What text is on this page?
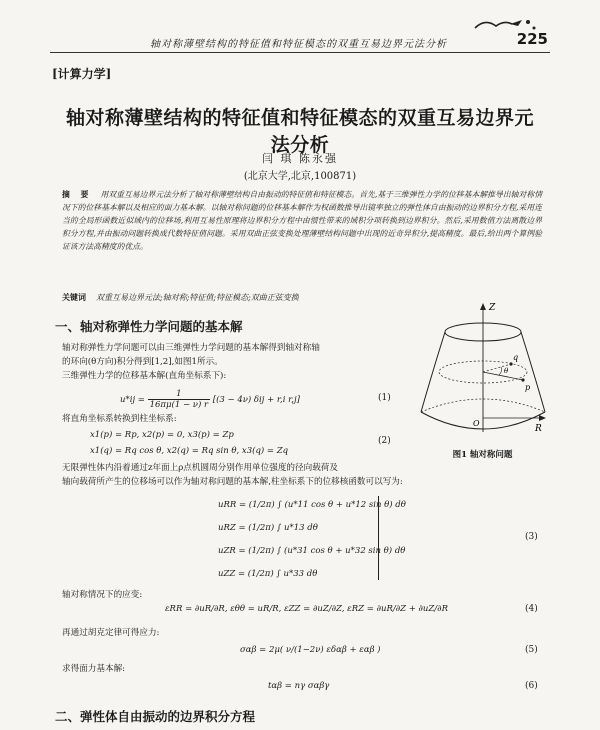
轴对称薄壁结构的特征值和特征模态的双重互易边界元法分析	225
[计算力学]
轴对称薄壁结构的特征值和特征模态的双重互易边界元法分析
闫 琪 陈永强
(北京大学,北京,100871)
摘 要 用双重互易边界元法分析了轴对称薄壁结构自由振动的特征值和特征模态。首先,基于三维弹性力学的位移基本解推导出轴对称情况下的位移基本解以及相应的面力基本解。以轴对称问题的位移基本解作为权函数推导出镜率独立的弹性体自由振动的边界积分方程,采用连当的全局形函数近似域内的位移场,利用互易性原理将边界积分方程中由惯性带来的域积分项转换到边界积分。然后,采用数值方法离散边界积分方程,并由振动问题转换成代数特征值问题。采用双曲正弦变换处理薄壁结构问题中出现的近奇异积分,提高精度。最后,给出两个算例验证该方法高精度的优点。
关键词 双重互易边界元法;轴对称;特征值;特征模态;双曲正弦变换
一、轴对称弹性力学问题的基本解
轴对称弹性力学问题可以由三维弹性力学问题的基本解得到轴对称轴
的环向(θ方向)积分得到[1,2],如图1所示。
三维弹性力学的位移基本解(直角坐标系下):
$u*ij = \frac{1}{16\pi\mu(1 - \nu) r} [(3 - 4\nu) \delta ij + r,i$ r,j]	(1)
将直角坐标系转换到柱坐标系:
x1(p) = Rp, x2(p) = 0, x3(p) = Zp
x1(q) = Rq cos θ, x2(q) = Rq sin θ, x3(q) = Zq
(2)
Z
R
p
q
O
θ
图1 轴对称问题
无限弹性体内沿着通过z年面上ρ点机圆周分别作用单位强度的径向载荷及
轴向载荷所产生的位移场可以作为轴对称问题的基本解,柱坐标系下的位移核函数可以写为:
uRR = (1/2π) ∫ (u*11 cos θ + u*12 sin θ) dθ
uRZ = (1/2π) ∫ u*13 dθ
uZR = (1/2π) ∫ (u*31 cos θ + u*32 sin θ) dθ
uZZ = (1/2π) ∫ u*33 dθ
(3)
轴对称情况下的应变:
εRR = ∂uR/∂R, εθθ = uR/R, εZZ = ∂uZ/∂Z, εRZ = ∂uR/∂Z + ∂uZ/∂R	(4)
再通过胡克定律可得应力:
σαβ = 2μ( ν/(1−2ν) εδαβ + εαβ )	(5)
求得面力基本解:
tαβ = nγ σαβγ	(6)
二、弹性体自由振动的边界积分方程
